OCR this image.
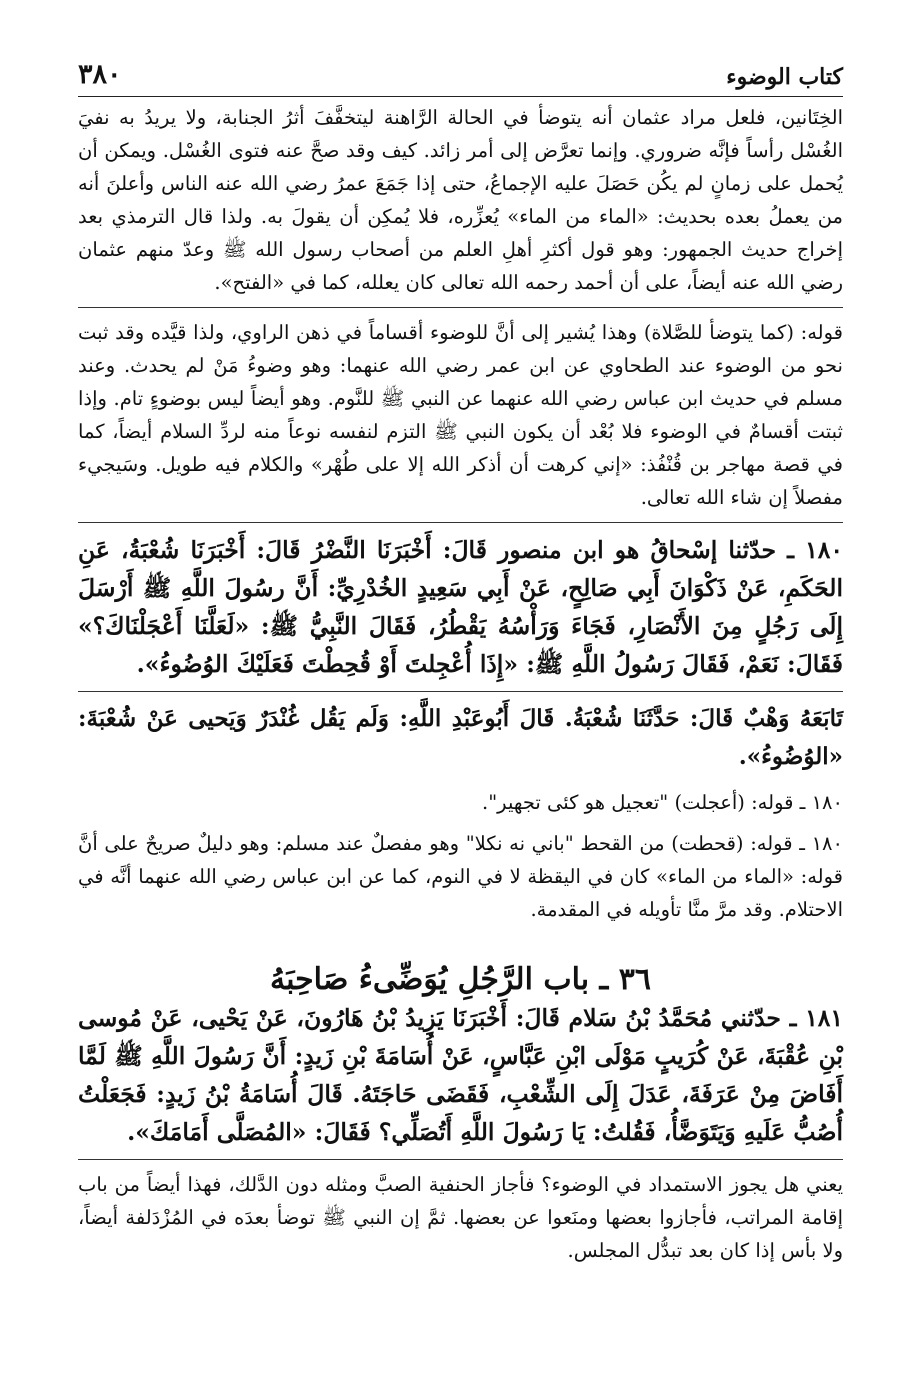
كتاب الوضوء
٣٨٠

الخِتَانين، فلعل مراد عثمان أنه يتوضأ في الحالة الرَّاهنة ليتخفَّفَ أثرُ الجنابة، ولا يريدُ به نفيَ الغُسْل رأساً فإنَّه ضروري. وإنما تعرَّض إلى أمر زائد. كيف وقد صحَّ عنه فتوى الغُسْل. ويمكن أن يُحمل على زمانٍ لم يكُن حَصَلَ عليه الإجماعُ، حتى إذا جَمَعَ عمرُ رضي الله عنه الناس وأعلنَ أنه من يعملُ بعده بحديث: «الماء من الماء» يُعزِّره، فلا يُمكِن أن يقولَ به. ولذا قال الترمذي بعد إخراج حديث الجمهور: وهو قول أكثرِ أهلِ العلم من أصحاب رسول الله ﷺ وعدّ منهم عثمان رضي الله عنه أيضاً، على أن أحمد رحمه الله تعالى كان يعلله، كما في «الفتح».

قوله: (كما يتوضأ للصَّلاة) وهذا يُشير إلى أنَّ للوضوء أقساماً في ذهن الراوي، ولذا قيَّده وقد ثبت نحو من الوضوء عند الطحاوي عن ابن عمر رضي الله عنهما: وهو وضوءُ مَنْ لم يحدث. وعند مسلم في حديث ابن عباس رضي الله عنهما عن النبي ﷺ للنَّوم. وهو أيضاً ليس بوضوءٍ تام. وإذا ثبتت أقسامٌ في الوضوء فلا بُعْد أن يكون النبي ﷺ التزم لنفسه نوعاً منه لردِّ السلام أيضاً، كما في قصة مهاجر بن قُنْفُذ: «إني كرهت أن أذكر الله إلا على طُهْر» والكلام فيه طويل. وسَيجيء مفصلاً إن شاء الله تعالى.

١٨٠ ـ حدّثنا إسْحاقُ هو ابن منصور قَالَ: أَخْبَرَنَا النَّضْرُ قَالَ: أَخْبَرَنَا شُعْبَةُ، عَنِ الحَكَمِ، عَنْ ذَكْوَانَ أَبِي صَالِحٍ، عَنْ أَبِي سَعِيدٍ الخُدْرِيِّ: أَنَّ رسُولَ اللَّهِ ﷺ أَرْسَلَ إِلَى رَجُلٍ مِنَ الأَنْصَارِ، فَجَاءَ وَرَأْسُهُ يَقْطُرُ، فَقَالَ النَّبِيُّ ﷺ: «لَعَلَّنَا أَعْجَلْنَاكَ؟» فَقَالَ: نَعَمْ، فَقَالَ رَسُولُ اللَّهِ ﷺ: «إِذَا أُعْجِلتَ أَوْ قُحِطْتَ فَعَلَيْكَ الوُضُوءُ».

تَابَعَهُ وَهْبٌ قَالَ: حَدَّثَنَا شُعْبَةُ. قَالَ أَبُوعَبْدِ اللَّهِ: وَلَم يَقُل غُنْدَرٌ وَيَحيى عَنْ شُعْبَةَ: «الوُضُوءُ».

١٨٠ ـ قوله: (أعجلت) "تعجيل هو كئى تجهير".

١٨٠ ـ قوله: (قحطت) من القحط "باني نه نكلا" وهو مفصلٌ عند مسلم: وهو دليلٌ صريحٌ على أنَّ قوله: «الماء من الماء» كان في اليقظة لا في النوم، كما عن ابن عباس رضي الله عنهما أنَّه في الاحتلام. وقد مرَّ منَّا تأويله في المقدمة.

٣٦ ـ باب الرَّجُلِ يُوَضِّىءُ صَاحِبَهُ

١٨١ ـ حدّثني مُحَمَّدُ بْنُ سَلام قَالَ: أَخْبَرَنَا يَزِيدُ بْنُ هَارُونَ، عَنْ يَحْيى، عَنْ مُوسى بْنِ عُقْبَةَ، عَنْ كُرَيبٍ مَوْلَى ابْنِ عَبَّاسٍ، عَنْ أُسَامَةَ بْنِ زَيدٍ: أَنَّ رَسُولَ اللَّهِ ﷺ لَمَّا أَفَاضَ مِنْ عَرَفَةَ، عَدَلَ إِلَى الشِّعْبِ، فَقَضَى حَاجَتَهُ. قَالَ أُسَامَةُ بْنُ زَيدٍ: فَجَعَلْتُ أُصُبُّ عَلَيهِ وَيَتَوَضَّأُ، فَقُلتُ: يَا رَسُولَ اللَّهِ أَتُصَلِّي؟ فَقَالَ: «المُصَلَّى أَمَامَكَ».

يعني هل يجوز الاستمداد في الوضوء؟ فأجاز الحنفية الصبَّ ومثله دون الدَّلك، فهذا أيضاً من باب إقامة المراتب، فأجازوا بعضها ومنَعوا عن بعضها. ثمَّ إن النبي ﷺ توضأ بعدَه في المُزْدَلفة أيضاً، ولا بأس إذا كان بعد تبدُّل المجلس.
